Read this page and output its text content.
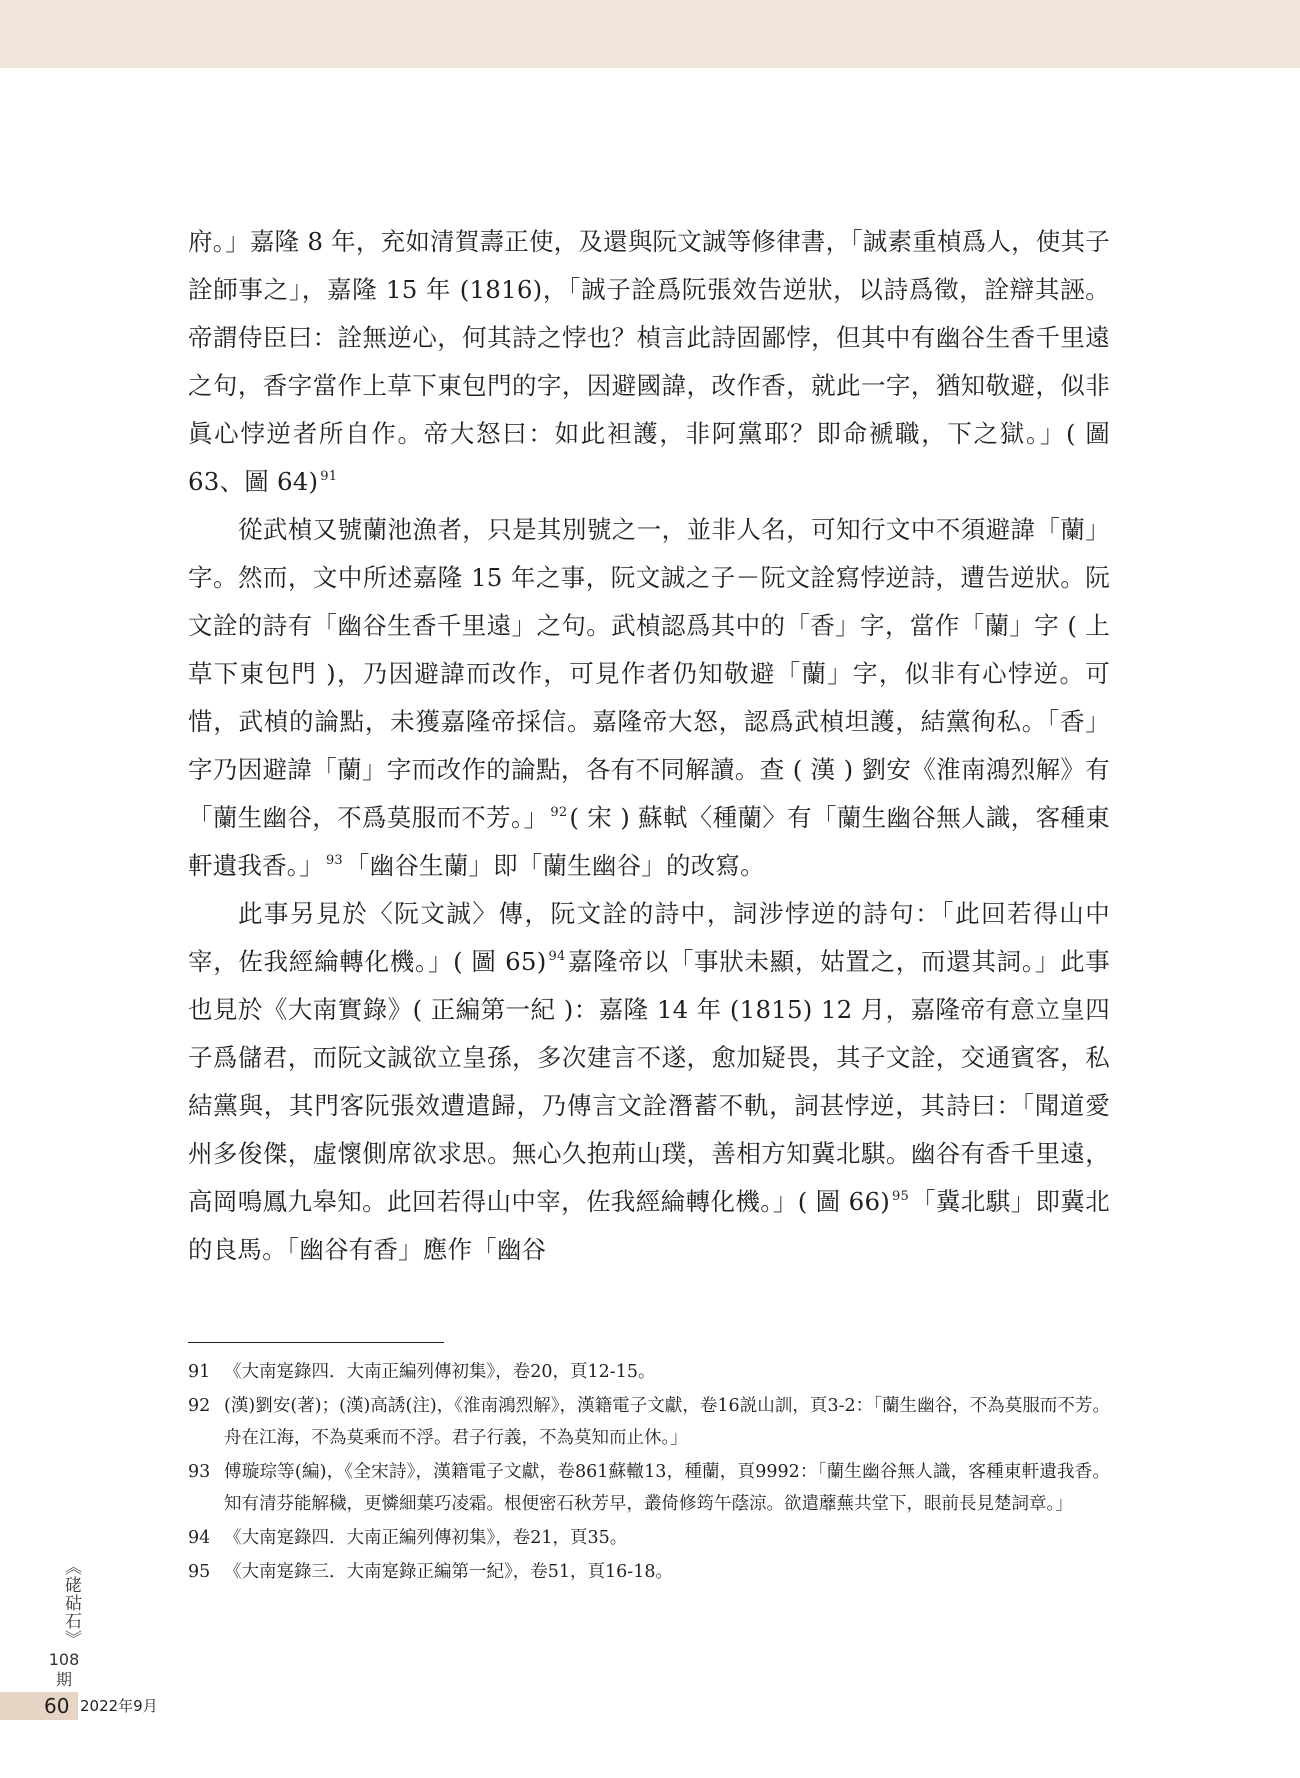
府。」嘉隆 8 年，充如清賀壽正使，及還與阮文誠等修律書，「誠素重楨爲人，使其子詮師事之」，嘉隆 15 年 (1816)，「誠子詮爲阮張效告逆狀，以詩爲徵，詮辯其誣。帝謂侍臣曰：詮無逆心，何其詩之悖也？楨言此詩固鄙悖，但其中有幽谷生香千里遠之句，香字當作上草下東包門的字，因避國諱，改作香，就此一字，猶知敬避，似非眞心悖逆者所自作。帝大怒曰：如此袒護，非阿黨耶？即命褫職，下之獄。」( 圖 63、圖 64) $^{91}$

從武楨又號蘭池漁者，只是其別號之一，並非人名，可知行文中不須避諱「蘭」字。然而，文中所述嘉隆 15 年之事，阮文誠之子－阮文詮寫悖逆詩，遭告逆狀。阮文詮的詩有「幽谷生香千里遠」之句。武楨認爲其中的「香」字，當作「蘭」字 ( 上草下東包門 )，乃因避諱而改作，可見作者仍知敬避「蘭」字，似非有心悖逆。可惜，武楨的論點，未獲嘉隆帝採信。嘉隆帝大怒，認爲武楨坦護，結黨徇私。「香」字乃因避諱「蘭」字而改作的論點，各有不同解讀。查 ( 漢 ) 劉安《淮南鴻烈解》有「蘭生幽谷，不爲莫服而不芳。」 $^{92}$( 宋 ) 蘇軾〈種蘭〉有「蘭生幽谷無人識，客種東軒遺我香。」 $^{93}$「幽谷生蘭」即「蘭生幽谷」的改寫。

此事另見於〈阮文誠〉傳，阮文詮的詩中，詞涉悖逆的詩句：「此回若得山中宰，佐我經綸轉化機。」( 圖 65) $^{94}$嘉隆帝以「事狀未顯，姑置之，而還其詞。」此事也見於《大南實錄》( 正編第一紀 )：嘉隆 14 年 (1815) 12 月，嘉隆帝有意立皇四子爲儲君，而阮文誠欲立皇孫，多次建言不遂，愈加疑畏，其子文詮，交通賓客，私結黨與，其門客阮張效遭遣歸，乃傳言文詮潛蓄不軌，詞甚悖逆，其詩曰：「聞道愛州多俊傑，虛懷側席欲求思。無心久抱荊山璞，善相方知冀北騏。幽谷有香千里遠，高岡鳴鳳九皋知。此回若得山中宰，佐我經綸轉化機。」( 圖 66) $^{95}$「冀北騏」即冀北的良馬。「幽谷有香」應作「幽谷

91 《大南寔錄四．大南正編列傳初集》，卷20，頁12-15。
92 (漢)劉安(著)；(漢)高誘(注)，《淮南鴻烈解》，漢籍電子文獻，卷16説山訓，頁3-2：「蘭生幽谷，不為莫服而不芳。舟在江海，不為莫乘而不浮。君子行義，不為莫知而止休。」
93 傅璇琮等(編)，《全宋詩》，漢籍電子文獻，卷861蘇轍13，種蘭，頁9992：「蘭生幽谷無人識，客種東軒遺我香。知有清芬能解穢，更憐細葉巧凌霜。根便密石秋芳早，叢倚修筠午蔭涼。欲遣蘼蕪共堂下，眼前長見楚詞章。」
94 《大南寔錄四．大南正編列傳初集》，卷21，頁35。
95 《大南寔錄三．大南寔錄正編第一紀》，卷51，頁16-18。
《硓𥑮石》
108
期
60 2022年9月
